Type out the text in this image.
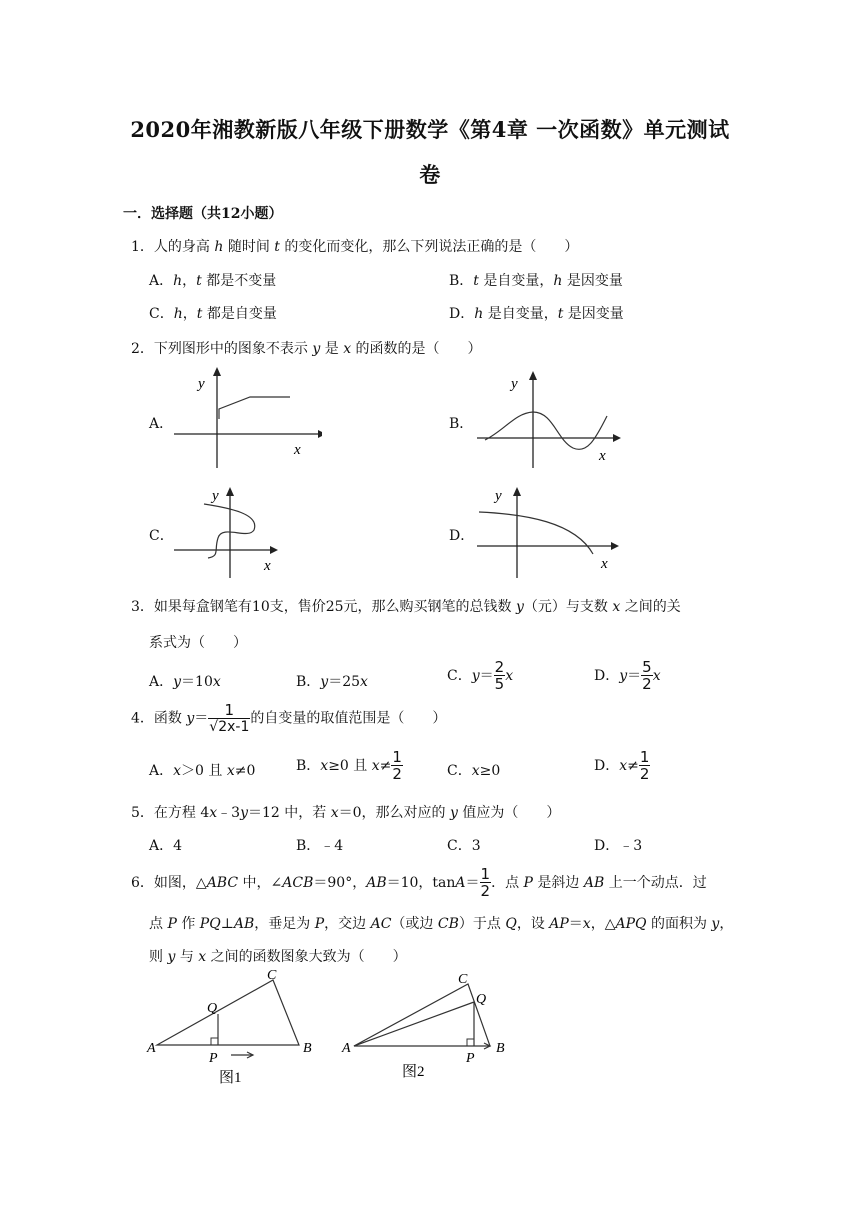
2020年湘教新版八年级下册数学《第4章 一次函数》单元测试
卷
一．选择题（共12小题）
1．人的身高 h 随时间 t 的变化而变化，那么下列说法正确的是（　　）
A．h，t 都是不变量	B．t 是自变量，h 是因变量
C．h，t 都是自变量	D．h 是自变量，t 是因变量
2．下列图形中的图象不表示 y 是 x 的函数的是（　　）
A．
y
x
B．
y
x
C．
y
x
D．
y
x
3．如果每盒钢笔有10支，售价25元，那么购买钢笔的总钱数 y（元）与支数 x 之间的关
系式为（　　）
A．y＝10x	B．y＝25x	C．$y= \frac{2}{5}$ x	D．$y= \frac{5}{2}$ x
4．函数 $y= \frac{1}{√2x-1}$ 的自变量的取值范围是（　　）
A．x＞0 且 x≠0	B．x≥0 且 $x\ne \frac{1}{2}$	C．x≥0	D．$x\ne \frac{1}{2}$
5．在方程 4x﹣3y＝12 中，若 x＝0，那么对应的 y 值应为（　　）
A．4	B．﹣4	C．3	D．﹣3
6．如图，△ABC 中，∠ACB＝90°，AB＝10，$\tan A= \frac{1}{2}$ ．点 P 是斜边 AB 上一个动点．过
点 P 作 PQ⊥AB，垂足为 P，交边 AC（或边 CB）于点 Q，设 AP＝x，△APQ 的面积为 y，
则 y 与 x 之间的函数图象大致为（　　）
A	B
C
P
Q
图1
A	B
C
P
Q
图2
